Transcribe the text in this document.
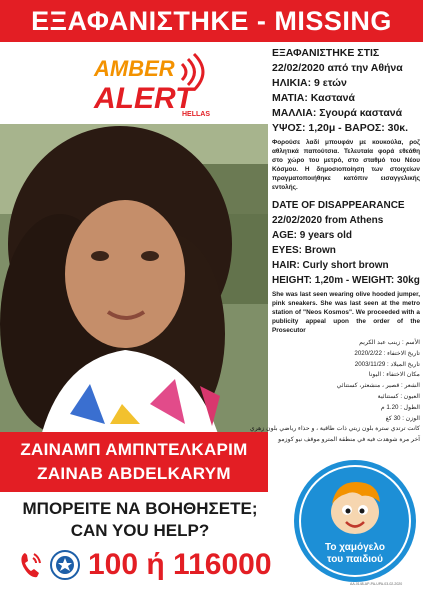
ΕΞΑΦΑΝΙΣΤΗΚΕ - MISSING
AMBER
ALERT
HELLAS
ΖΑΙΝΑΜΠ ΑΜΠΝΤΕΛΚΑΡΙΜ
ZAINAB ABDELKARYM
ΕΞΑΦΑΝΙΣΤΗΚΕ ΣΤΙΣ
22/02/2020 από την Αθήνα
ΗΛΙΚΙΑ: 9 ετών
ΜΑΤΙΑ: Καστανά
ΜΑΛΛΙΑ: Σγουρά καστανά
ΥΨΟΣ: 1,20μ - ΒΑΡΟΣ: 30κ.
Φορούσε λαδί μπουφάν με κουκούλα, ροζ αθλητικά παπούτσια. Τελευταία φορά εθεάθη στο χώρο του μετρό, στο σταθμό του Νέου Κόσμου. Η δημοσιοποίηση των στοιχείων πραγματοποιήθηκε κατόπιν εισαγγελικής εντολής.
DATE OF DISAPPEARANCE
22/02/2020 from Athens
AGE: 9 years old
EYES: Brown
HAIR: Curly short brown
HEIGHT: 1,20m - WEIGHT: 30kg
She was last seen wearing olive hooded jumper, pink sneakers. She was last seen at the metro station of "Neos Kosmos". We proceeded with a publicity appeal upon the order of the Prosecutor
الأسم : زينب عبد الكريم
تاريخ الاختفاء : 2020/2/22
تاريخ الميلاد : 2003/11/29
مكان الاختفاء : اليونا
الشعر : قصير ، منشعثر، كستنائي
العيون : كستنائية
الطول : 1.20 م
الوزن : 30 كغ
كانت ترتدي سترة بلون زيتي ذات طاقية ، و حذاء رياضي بلون زهري
آخر مرة شوهدت فيه في منطقة المترو موقف نيو كوزمو
ΜΠΟΡΕΙΤΕ ΝΑ ΒΟΗΘΗΣΕΤΕ;
CAN YOU HELP?
100 ή 116000
Το χαμόγελο
του παιδιού
AA-0148-AP-PA-UPA-03-02-2020
